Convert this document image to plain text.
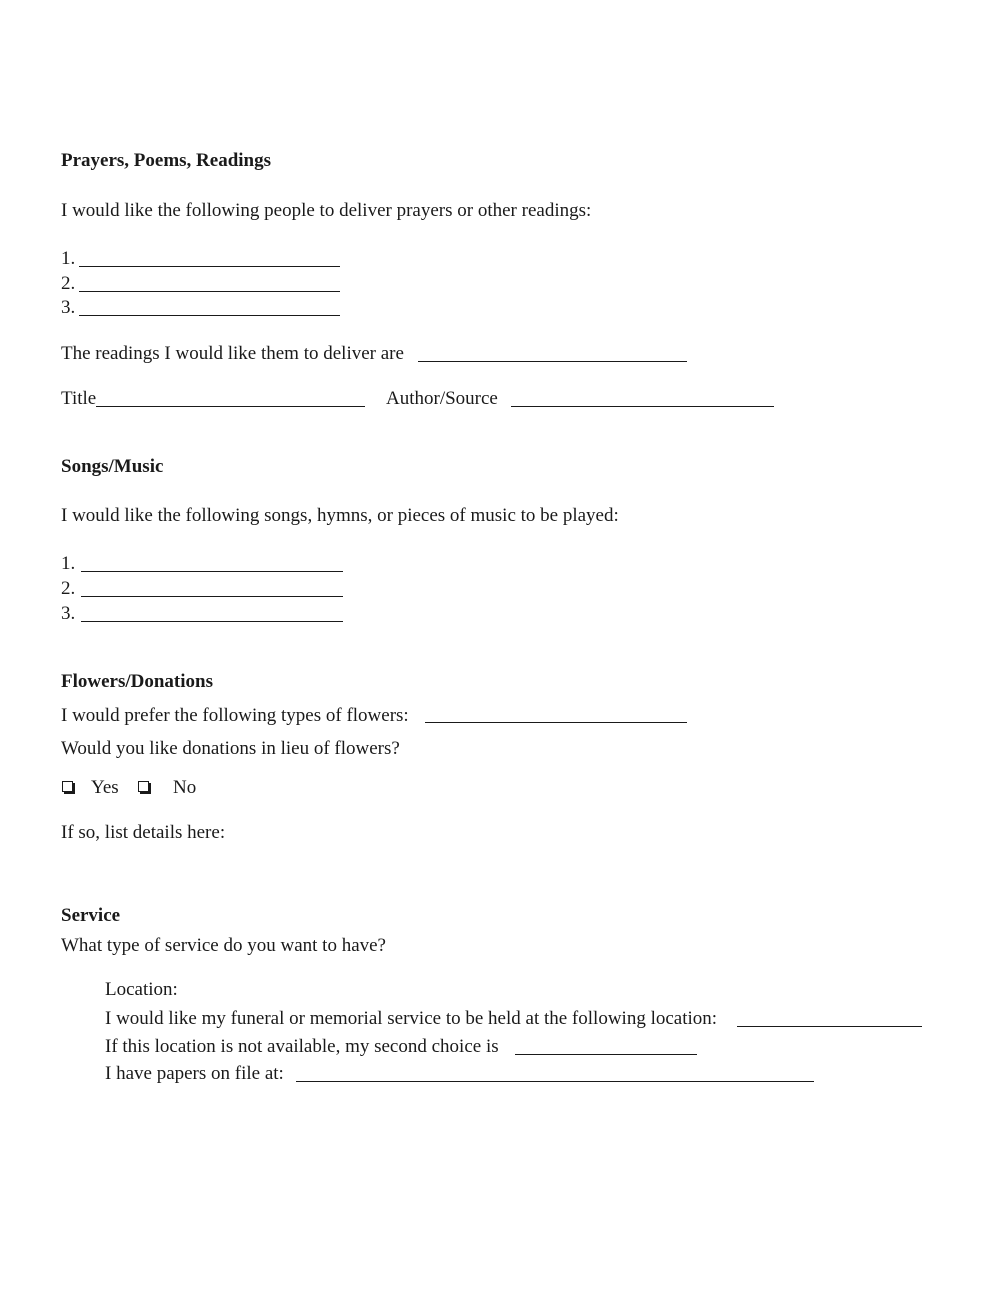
Prayers, Poems, Readings
I would like the following people to deliver prayers or other readings:
1.
2.
3.
The readings I would like them to deliver are
Title	Author/Source
Songs/Music
I would like the following songs, hymns, or pieces of music to be played:
1.
2.
3.
Flowers/Donations
I would prefer the following types of flowers:
Would you like donations in lieu of flowers?
Yes	No
If so, list details here:
Service
What type of service do you want to have?
Location:
I would like my funeral or memorial service to be held at the following location:
If this location is not available, my second choice is
I have papers on file at:
